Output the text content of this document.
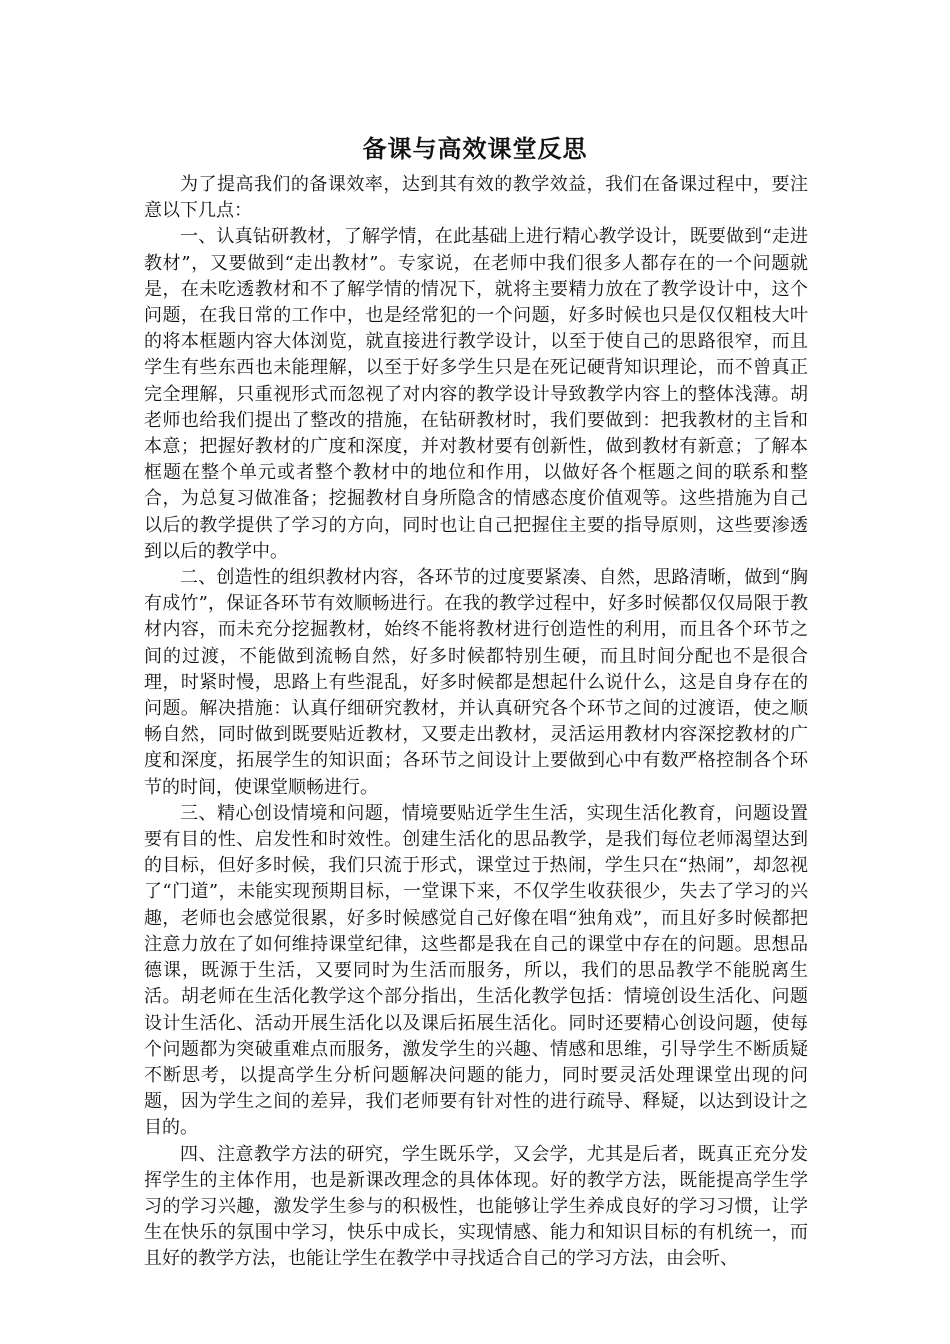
备课与高效课堂反思

为了提高我们的备课效率，达到其有效的教学效益，我们在备课过程中，要注意以下几点：

一、认真钻研教材，了解学情，在此基础上进行精心教学设计，既要做到“走进教材”，又要做到“走出教材”。专家说，在老师中我们很多人都存在的一个问题就是，在未吃透教材和不了解学情的情况下，就将主要精力放在了教学设计中，这个问题，在我日常的工作中，也是经常犯的一个问题，好多时候也只是仅仅粗枝大叶的将本框题内容大体浏览，就直接进行教学设计，以至于使自己的思路很窄，而且学生有些东西也未能理解，以至于好多学生只是在死记硬背知识理论，而不曾真正完全理解，只重视形式而忽视了对内容的教学设计导致教学内容上的整体浅薄。胡老师也给我们提出了整改的措施，在钻研教材时，我们要做到：把我教材的主旨和本意；把握好教材的广度和深度，并对教材要有创新性，做到教材有新意；了解本框题在整个单元或者整个教材中的地位和作用，以做好各个框题之间的联系和整合，为总复习做准备；挖掘教材自身所隐含的情感态度价值观等。这些措施为自己以后的教学提供了学习的方向，同时也让自己把握住主要的指导原则，这些要渗透到以后的教学中。

二、创造性的组织教材内容，各环节的过度要紧凑、自然，思路清晰，做到“胸有成竹”，保证各环节有效顺畅进行。在我的教学过程中，好多时候都仅仅局限于教材内容，而未充分挖掘教材，始终不能将教材进行创造性的利用，而且各个环节之间的过渡，不能做到流畅自然，好多时候都特别生硬，而且时间分配也不是很合理，时紧时慢，思路上有些混乱，好多时候都是想起什么说什么，这是自身存在的问题。解决措施：认真仔细研究教材，并认真研究各个环节之间的过渡语，使之顺畅自然，同时做到既要贴近教材，又要走出教材，灵活运用教材内容深挖教材的广度和深度，拓展学生的知识面；各环节之间设计上要做到心中有数严格控制各个环节的时间，使课堂顺畅进行。

三、精心创设情境和问题，情境要贴近学生生活，实现生活化教育，问题设置要有目的性、启发性和时效性。创建生活化的思品教学，是我们每位老师渴望达到的目标，但好多时候，我们只流于形式，课堂过于热闹，学生只在“热闹”，却忽视了“门道”，未能实现预期目标，一堂课下来，不仅学生收获很少，失去了学习的兴趣，老师也会感觉很累，好多时候感觉自己好像在唱“独角戏”，而且好多时候都把注意力放在了如何维持课堂纪律，这些都是我在自己的课堂中存在的问题。思想品德课，既源于生活，又要同时为生活而服务，所以，我们的思品教学不能脱离生活。胡老师在生活化教学这个部分指出，生活化教学包括：情境创设生活化、问题设计生活化、活动开展生活化以及课后拓展生活化。同时还要精心创设问题，使每个问题都为突破重难点而服务，激发学生的兴趣、情感和思维，引导学生不断质疑不断思考，以提高学生分析问题解决问题的能力，同时要灵活处理课堂出现的问题，因为学生之间的差异，我们老师要有针对性的进行疏导、释疑，以达到设计之目的。

四、注意教学方法的研究，学生既乐学，又会学，尤其是后者，既真正充分发挥学生的主体作用，也是新课改理念的具体体现。好的教学方法，既能提高学生学习的学习兴趣，激发学生参与的积极性，也能够让学生养成良好的学习习惯，让学生在快乐的氛围中学习，快乐中成长，实现情感、能力和知识目标的有机统一，而且好的教学方法，也能让学生在教学中寻找适合自己的学习方法，由会听、
